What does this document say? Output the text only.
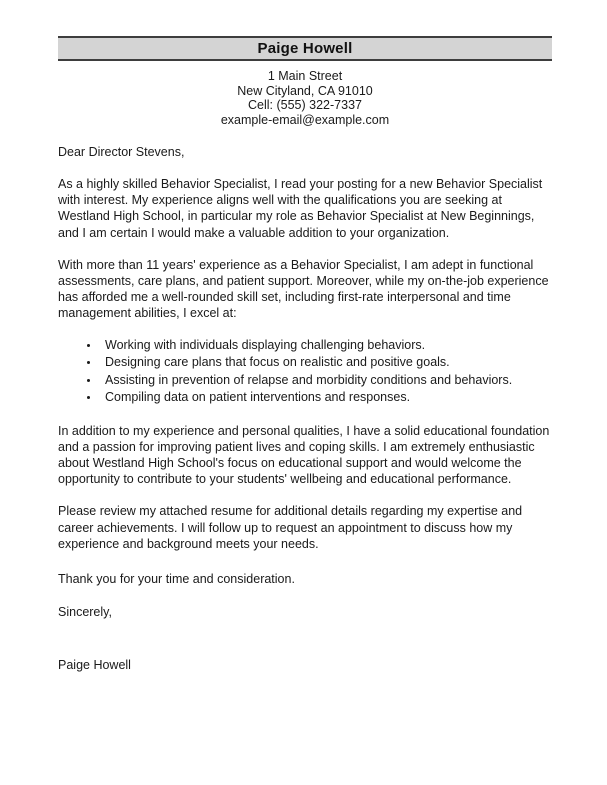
Paige Howell
1 Main Street
New Cityland, CA 91010
Cell: (555) 322-7337
example-email@example.com
Dear Director Stevens,

As a highly skilled Behavior Specialist, I read your posting for a new Behavior Specialist with interest. My experience aligns well with the qualifications you are seeking at Westland High School, in particular my role as Behavior Specialist at New Beginnings, and I am certain I would make a valuable addition to your organization.

With more than 11 years' experience as a Behavior Specialist, I am adept in functional assessments, care plans, and patient support. Moreover, while my on-the-job experience has afforded me a well-rounded skill set, including first-rate interpersonal and time management abilities, I excel at:

Working with individuals displaying challenging behaviors.
Designing care plans that focus on realistic and positive goals.
Assisting in prevention of relapse and morbidity conditions and behaviors.
Compiling data on patient interventions and responses.

In addition to my experience and personal qualities, I have a solid educational foundation and a passion for improving patient lives and coping skills. I am extremely enthusiastic about Westland High School's focus on educational support and would welcome the opportunity to contribute to your students' wellbeing and educational performance.

Please review my attached resume for additional details regarding my expertise and career achievements. I will follow up to request an appointment to discuss how my experience and background meets your needs.

Thank you for your time and consideration.
Sincerely,
Paige Howell
